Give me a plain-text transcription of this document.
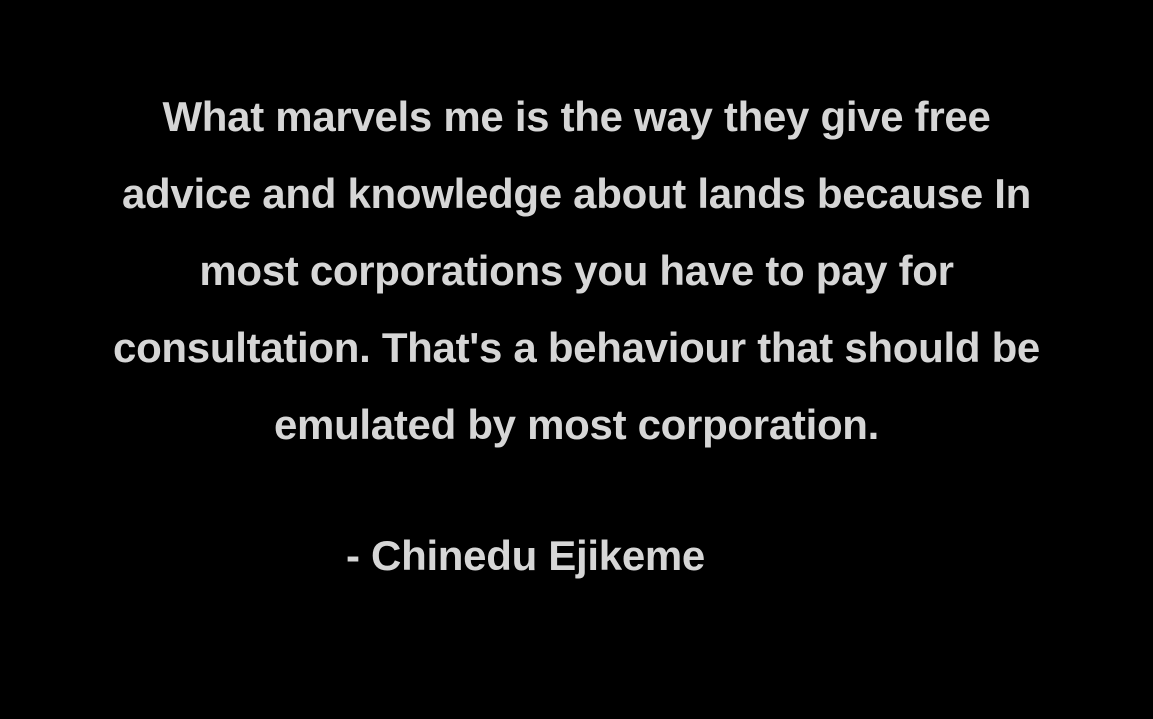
What marvels me is the way they give free
advice and knowledge about lands because In
most corporations you have to pay for
consultation. That's a behaviour that should be
emulated by most corporation.

- Chinedu Ejikeme
